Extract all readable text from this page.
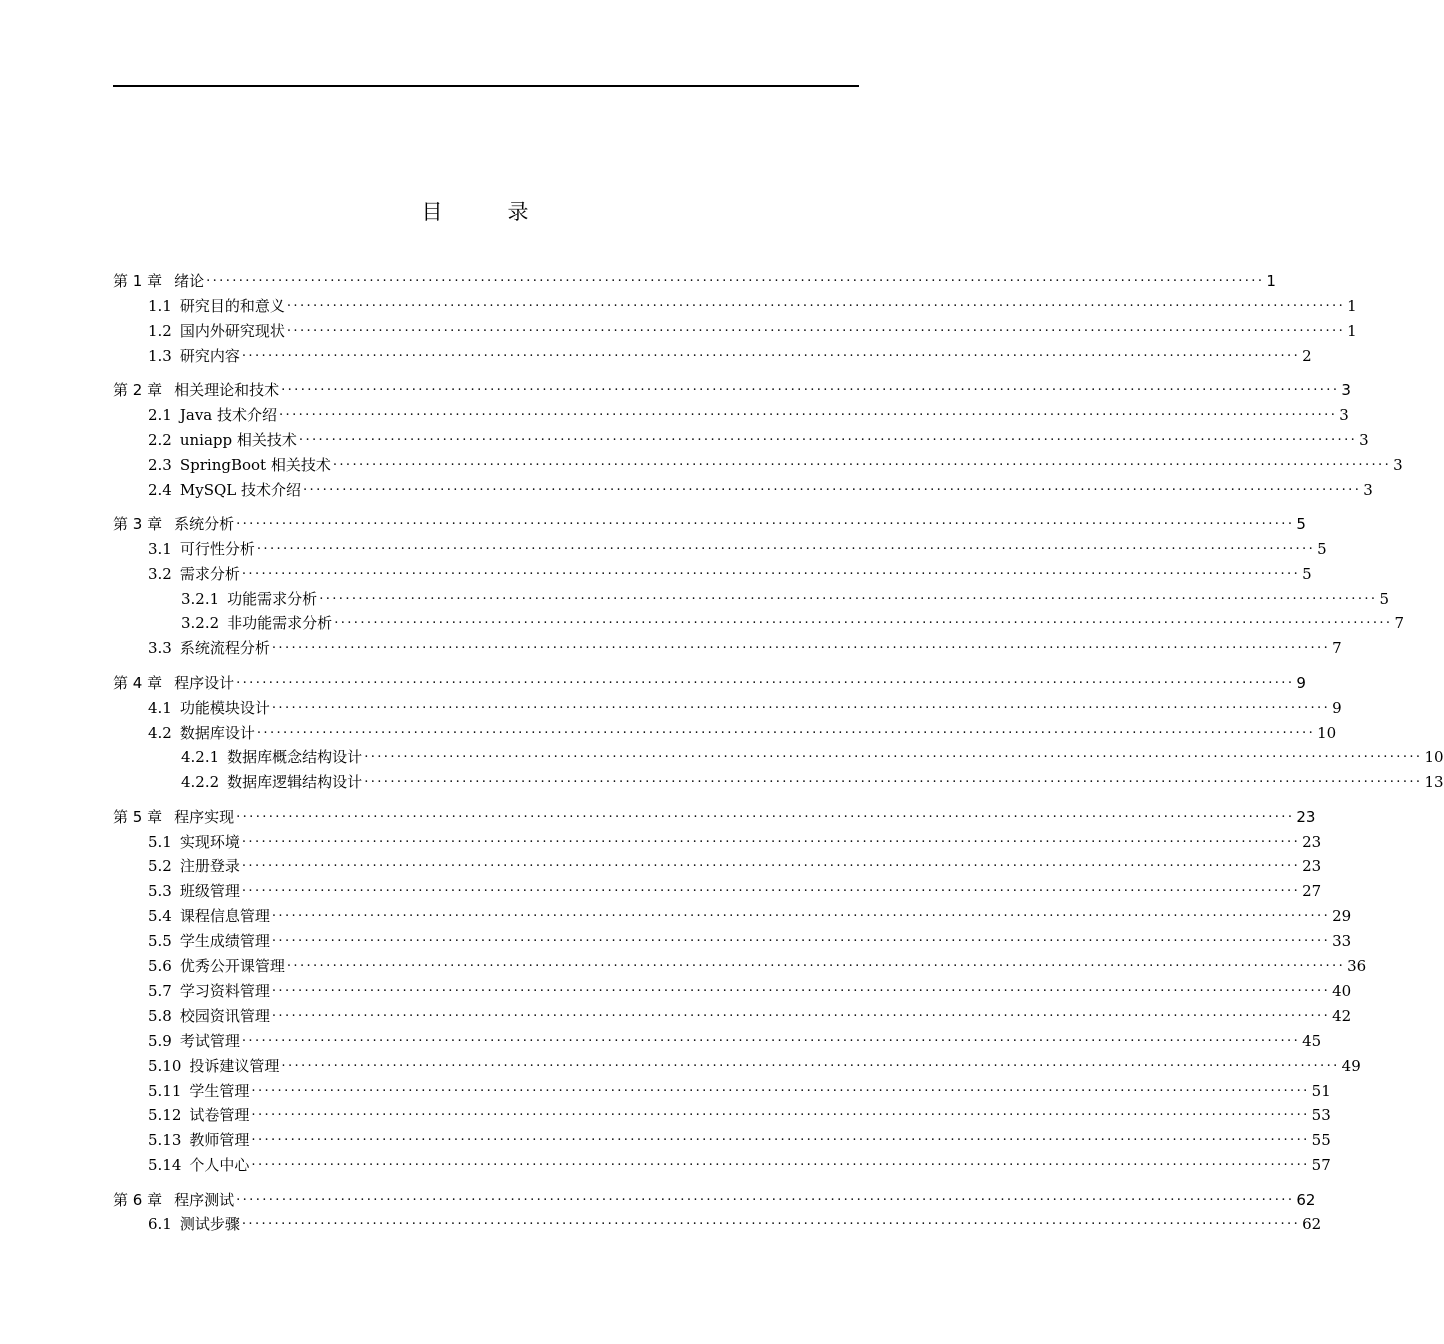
目　录
第 1 章 绪论 .................................................................................................................................................................. 1
1.1 研究目的和意义 .................................................................................................................................................................. 1
1.2 国内外研究现状 .................................................................................................................................................................. 1
1.3 研究内容 .................................................................................................................................................................. 2
第 2 章 相关理论和技术 .................................................................................................................................................................. 3
2.1 Java 技术介绍 .................................................................................................................................................................. 3
2.2 uniapp 相关技术 .................................................................................................................................................................. 3
2.3 SpringBoot 相关技术 .................................................................................................................................................................. 3
2.4 MySQL 技术介绍 .................................................................................................................................................................. 3
第 3 章 系统分析 .................................................................................................................................................................. 5
3.1 可行性分析 .................................................................................................................................................................. 5
3.2 需求分析 .................................................................................................................................................................. 5
3.2.1 功能需求分析 .................................................................................................................................................................. 5
3.2.2 非功能需求分析 .................................................................................................................................................................. 7
3.3 系统流程分析 .................................................................................................................................................................. 7
第 4 章 程序设计 .................................................................................................................................................................. 9
4.1 功能模块设计 .................................................................................................................................................................. 9
4.2 数据库设计 .................................................................................................................................................................. 10
4.2.1 数据库概念结构设计 .................................................................................................................................................................. 10
4.2.2 数据库逻辑结构设计 .................................................................................................................................................................. 13
第 5 章 程序实现 .................................................................................................................................................................. 23
5.1 实现环境 .................................................................................................................................................................. 23
5.2 注册登录 .................................................................................................................................................................. 23
5.3 班级管理 .................................................................................................................................................................. 27
5.4 课程信息管理 .................................................................................................................................................................. 29
5.5 学生成绩管理 .................................................................................................................................................................. 33
5.6 优秀公开课管理 .................................................................................................................................................................. 36
5.7 学习资料管理 .................................................................................................................................................................. 40
5.8 校园资讯管理 .................................................................................................................................................................. 42
5.9 考试管理 .................................................................................................................................................................. 45
5.10 投诉建议管理 .................................................................................................................................................................. 49
5.11 学生管理 .................................................................................................................................................................. 51
5.12 试卷管理 .................................................................................................................................................................. 53
5.13 教师管理 .................................................................................................................................................................. 55
5.14 个人中心 .................................................................................................................................................................. 57
第 6 章 程序测试 .................................................................................................................................................................. 62
6.1 测试步骤 .................................................................................................................................................................. 62
